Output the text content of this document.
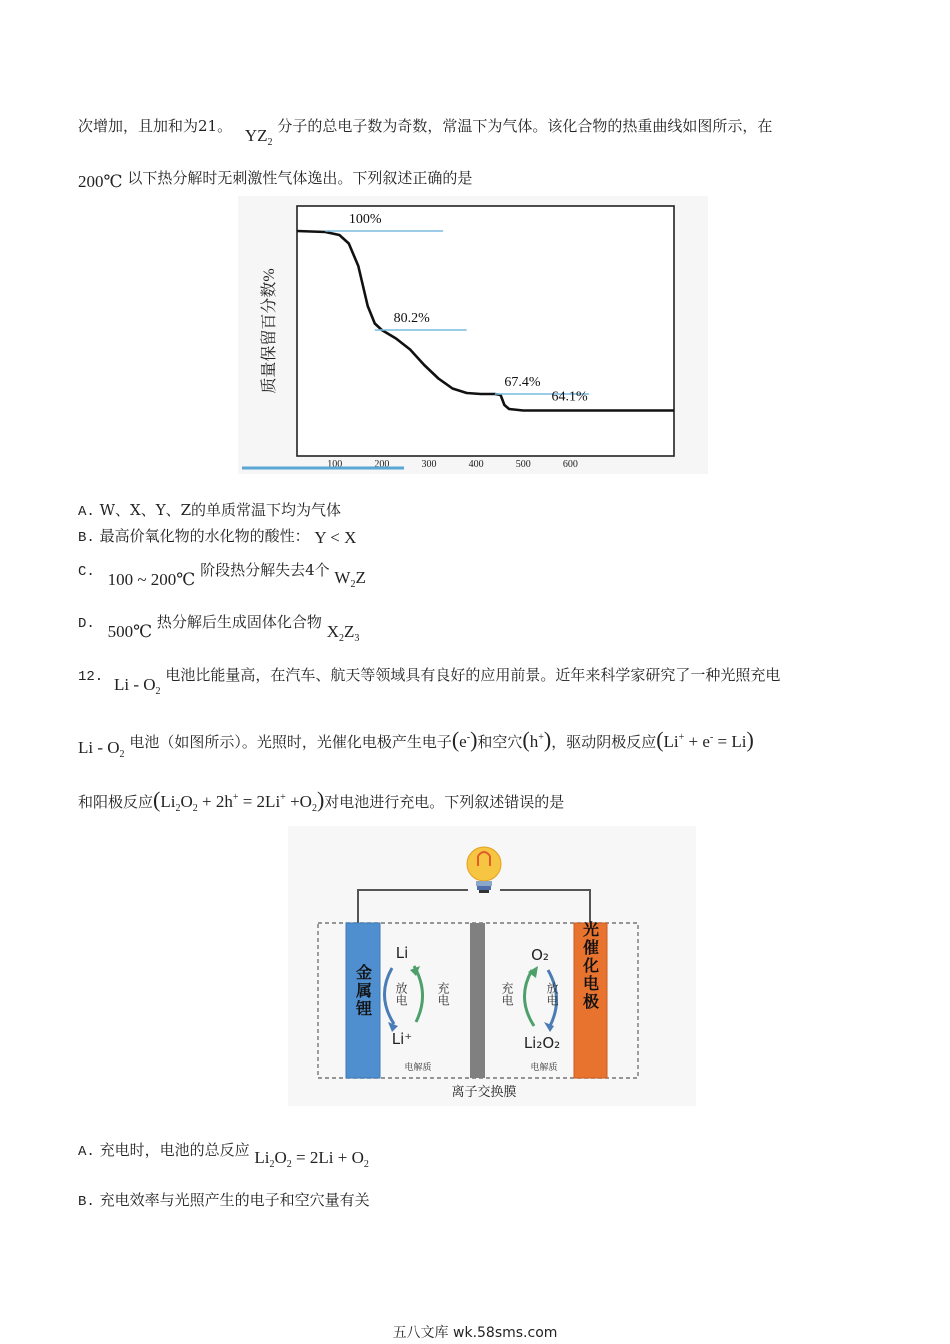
次增加，且加和为21。 $YZ_2$ 分子的总电子数为奇数，常温下为气体。该化合物的热重曲线如图所示，在
200℃ 以下热分解时无刺激性气体逸出。下列叙述正确的是
100	200	300	400	500	600
100%
80.2%
67.4%
64.1%
质量保留百分数%
A. W、X、Y、Z的单质常温下均为气体
B. 最高价氧化物的水化物的酸性： Y < X
C. 100 ~ 200℃ 阶段热分解失去4个 $W_2Z$
D. 500℃ 热分解后生成固体化合物 $X_2Z_3$
12. Li - $O_2$ 电池比能量高，在汽车、航天等领域具有良好的应用前景。近年来科学家研究了一种光照充电
Li - $O_2$ 电池（如图所示）。光照时，光催化电极产生电子(e-)和空穴(h+)，驱动阴极反应(Li+ + e- = Li)
和阳极反应$(Li_2O_2 + 2h^+ = 2Li^+ +O_2)$对电池进行充电。下列叙述错误的是
金属锂	光催化电极
Li
Li⁺
放电 充电
电解质
O₂
Li₂O₂
充电	放电
电解质
离子交换膜
A. 充电时，电池的总反应 $Li_2O_2 = 2Li + O_2$
B. 充电效率与光照产生的电子和空穴量有关
五八文库 wk.58sms.com
